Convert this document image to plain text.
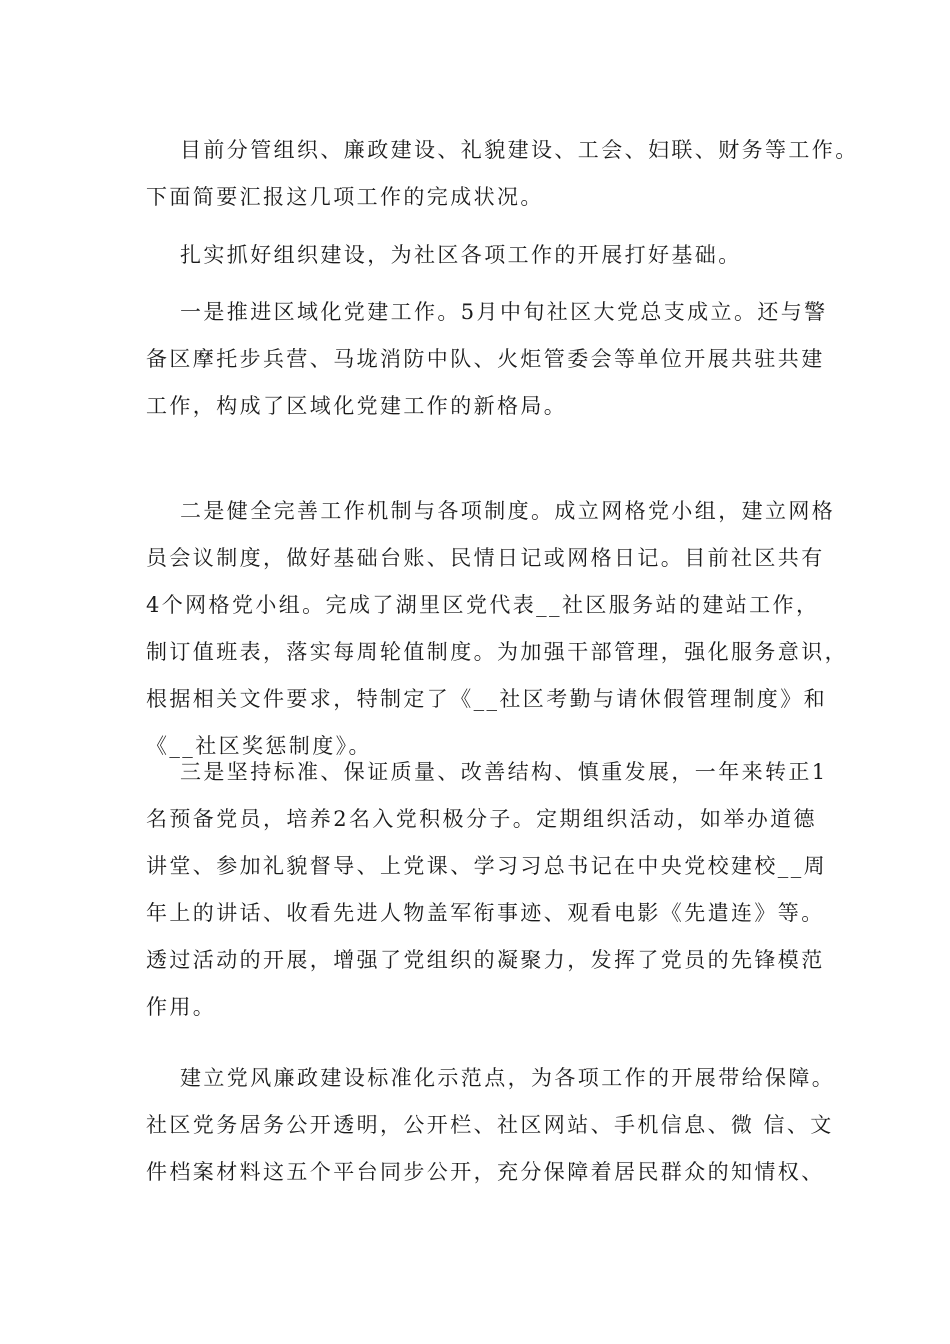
目前分管组织、廉政建设、礼貌建设、工会、妇联、财务等工作。
下面简要汇报这几项工作的完成状况。

扎实抓好组织建设，为社区各项工作的开展打好基础。

一是推进区域化党建工作。5月中旬社区大党总支成立。还与警
备区摩托步兵营、马垅消防中队、火炬管委会等单位开展共驻共建
工作，构成了区域化党建工作的新格局。

二是健全完善工作机制与各项制度。成立网格党小组，建立网格
员会议制度，做好基础台账、民情日记或网格日记。目前社区共有
4个网格党小组。完成了湖里区党代表__社区服务站的建站工作，
制订值班表，落实每周轮值制度。为加强干部管理，强化服务意识，
根据相关文件要求，特制定了《__社区考勤与请休假管理制度》和
《__社区奖惩制度》。

三是坚持标准、保证质量、改善结构、慎重发展，一年来转正1
名预备党员，培养2名入党积极分子。定期组织活动，如举办道德
讲堂、参加礼貌督导、上党课、学习习总书记在中央党校建校__周
年上的讲话、收看先进人物盖军衔事迹、观看电影《先遣连》等。
透过活动的开展，增强了党组织的凝聚力，发挥了党员的先锋模范
作用。

建立党风廉政建设标准化示范点，为各项工作的开展带给保障。
社区党务居务公开透明，公开栏、社区网站、手机信息、微 信、文
件档案材料这五个平台同步公开，充分保障着居民群众的知情权、
